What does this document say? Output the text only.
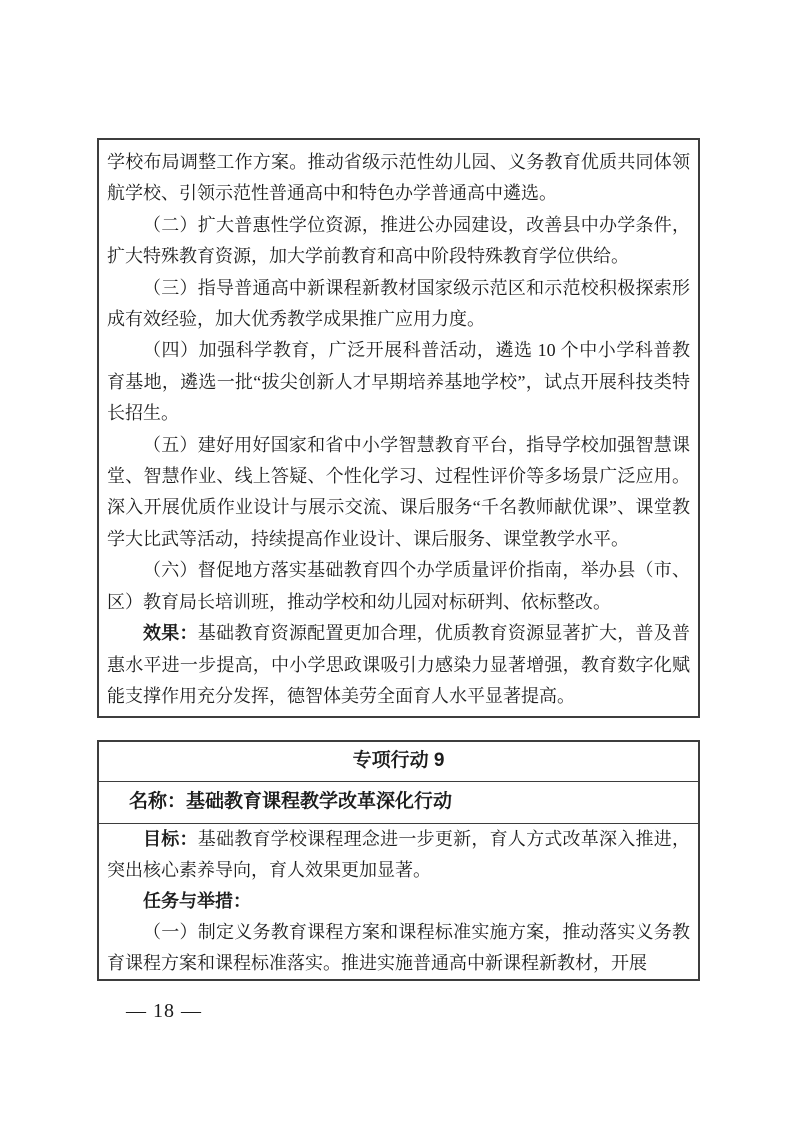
学校布局调整工作方案。推动省级示范性幼儿园、义务教育优质共同体领航学校、引领示范性普通高中和特色办学普通高中遴选。

（二）扩大普惠性学位资源，推进公办园建设，改善县中办学条件，扩大特殊教育资源，加大学前教育和高中阶段特殊教育学位供给。

（三）指导普通高中新课程新教材国家级示范区和示范校积极探索形成有效经验，加大优秀教学成果推广应用力度。

（四）加强科学教育，广泛开展科普活动，遴选 10 个中小学科普教育基地，遴选一批“拔尖创新人才早期培养基地学校”，试点开展科技类特长招生。

（五）建好用好国家和省中小学智慧教育平台，指导学校加强智慧课堂、智慧作业、线上答疑、个性化学习、过程性评价等多场景广泛应用。深入开展优质作业设计与展示交流、课后服务“千名教师献优课”、课堂教学大比武等活动，持续提高作业设计、课后服务、课堂教学水平。

（六）督促地方落实基础教育四个办学质量评价指南，举办县（市、区）教育局长培训班，推动学校和幼儿园对标研判、依标整改。

效果：基础教育资源配置更加合理，优质教育资源显著扩大，普及普惠水平进一步提高，中小学思政课吸引力感染力显著增强，教育数字化赋能支撑作用充分发挥，德智体美劳全面育人水平显著提高。

专项行动 9
名称：基础教育课程教学改革深化行动

目标：基础教育学校课程理念进一步更新，育人方式改革深入推进，突出核心素养导向，育人效果更加显著。

任务与举措：

（一）制定义务教育课程方案和课程标准实施方案，推动落实义务教育课程方案和课程标准落实。推进实施普通高中新课程新教材，开展

— 18 —
